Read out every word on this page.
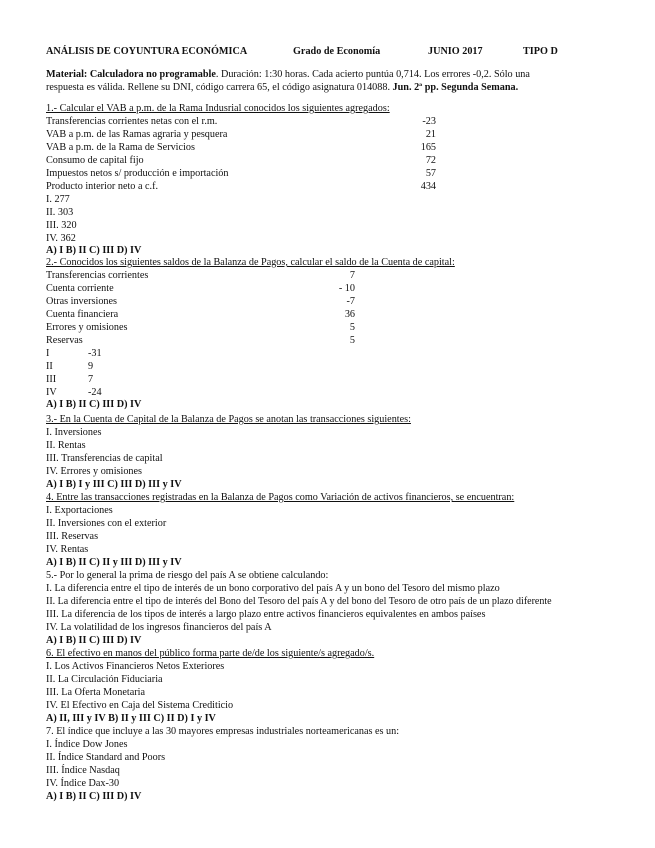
ANÁLISIS DE COYUNTURA ECONÓMICA	Grado de Economía	JUNIO 2017	TIPO D
Material: Calculadora no programable. Duración: 1:30 horas. Cada acierto puntúa 0,714. Los errores -0,2. Sólo una
respuesta es válida. Rellene su DNI, código carrera 65, el código asignatura 014088. Jun. 2ª pp. Segunda Semana.
1.- Calcular el VAB a p.m. de la Rama Indusrial conocidos los siguientes agregados:
Transferencias corrientes netas con el r.m.	-23
VAB a p.m. de las Ramas agraria y pesquera	21
VAB a p.m. de la Rama de Servicios	165
Consumo de capital fijo	72
Impuestos netos s/ producción e importación	57
Producto interior neto a c.f.	434
I. 277
II. 303
III. 320
IV. 362
A) I B) II C) III D) IV
2.- Conocidos los siguientes saldos de la Balanza de Pagos, calcular el saldo de la Cuenta de capital:
Transferencias corrientes	7
Cuenta corriente	- 10
Otras inversiones	-7
Cuenta financiera	36
Errores y omisiones	5
Reservas	5
I	-31
II	9
III	7
IV	-24
A) I B) II C) III D) IV
3.- En la Cuenta de Capital de la Balanza de Pagos se anotan las transacciones siguientes:
I. Inversiones
II. Rentas
III. Transferencias de capital
IV. Errores y omisiones
A) I B) I y III C) III D) III y IV
4. Entre las transacciones registradas en la Balanza de Pagos como Variación de activos financieros, se encuentran:
I. Exportaciones
II. Inversiones con el exterior
III. Reservas
IV. Rentas
A) I B) II C) II y III D) III y IV
5.- Por lo general la prima de riesgo del país A se obtiene calculando:
I. La diferencia entre el tipo de interés de un bono corporativo del país A y un bono del Tesoro del mismo plazo
II. La diferencia entre el tipo de interés del Bono del Tesoro del país A y del bono del Tesoro de otro país de un plazo diferente
III. La diferencia de los tipos de interés a largo plazo entre activos financieros equivalentes en ambos países
IV. La volatilidad de los ingresos financieros del país A
A) I B) II C) III D) IV
6. El efectivo en manos del público forma parte de/de los siguiente/s agregado/s.
I. Los Activos Financieros Netos Exteriores
II. La Circulación Fiduciaria
III. La Oferta Monetaria
IV. El Efectivo en Caja del Sistema Crediticio
A) II, III y IV B) II y III C) II D) I y IV
7. El índice que incluye a las 30 mayores empresas industriales norteamericanas es un:
I. Índice Dow Jones
II. Índice Standard and Poors
III. Índice Nasdaq
IV. Índice Dax-30
A) I B) II C) III D) IV
